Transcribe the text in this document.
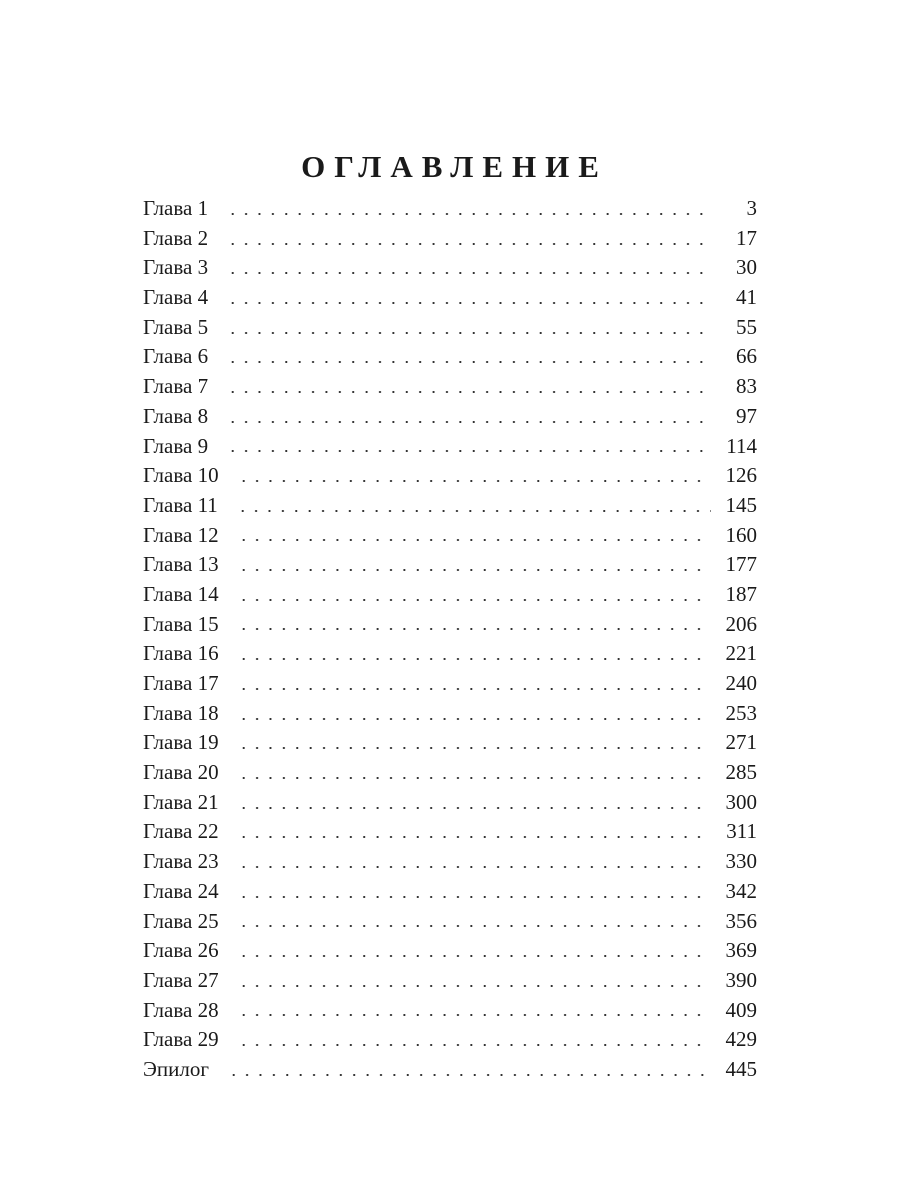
ОГЛАВЛЕНИЕ
Глава 1	3
Глава 2	17
Глава 3	30
Глава 4	41
Глава 5	55
Глава 6	66
Глава 7	83
Глава 8	97
Глава 9	114
Глава 10	126
Глава 11	145
Глава 12	160
Глава 13	177
Глава 14	187
Глава 15	206
Глава 16	221
Глава 17	240
Глава 18	253
Глава 19	271
Глава 20	285
Глава 21	300
Глава 22	311
Глава 23	330
Глава 24	342
Глава 25	356
Глава 26	369
Глава 27	390
Глава 28	409
Глава 29	429
Эпилог	445
